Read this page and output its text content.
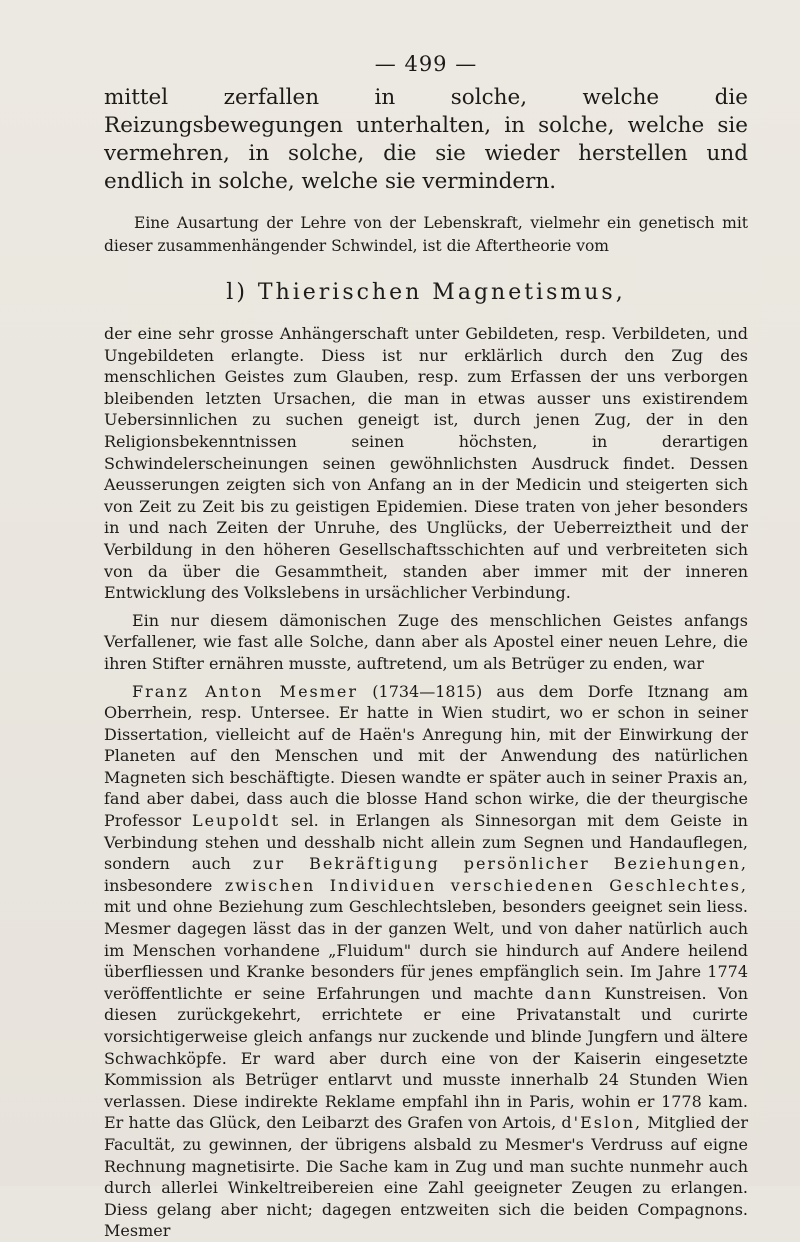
— 499 —

mittel zerfallen in solche, welche die Reizungsbewegungen unterhalten, in solche, welche sie vermehren, in solche, die sie wieder herstellen und endlich in solche, welche sie vermindern.

Eine Ausartung der Lehre von der Lebenskraft, vielmehr ein genetisch mit dieser zusammenhängender Schwindel, ist die Aftertheorie vom

l) Thierischen Magnetismus,

der eine sehr grosse Anhängerschaft unter Gebildeten, resp. Verbildeten, und Ungebildeten erlangte. Diess ist nur erklärlich durch den Zug des menschlichen Geistes zum Glauben, resp. zum Erfassen der uns verborgen bleibenden letzten Ursachen, die man in etwas ausser uns existirendem Uebersinnlichen zu suchen geneigt ist, durch jenen Zug, der in den Religionsbekenntnissen seinen höchsten, in derartigen Schwindelerscheinungen seinen gewöhnlichsten Ausdruck findet. Dessen Aeusserungen zeigten sich von Anfang an in der Medicin und steigerten sich von Zeit zu Zeit bis zu geistigen Epidemien. Diese traten von jeher besonders in und nach Zeiten der Unruhe, des Unglücks, der Ueberreiztheit und der Verbildung in den höheren Gesellschaftsschichten auf und verbreiteten sich von da über die Gesammtheit, standen aber immer mit der inneren Entwicklung des Volkslebens in ursächlicher Verbindung.

Ein nur diesem dämonischen Zuge des menschlichen Geistes anfangs Verfallener, wie fast alle Solche, dann aber als Apostel einer neuen Lehre, die ihren Stifter ernähren musste, auftretend, um als Betrüger zu enden, war

Franz Anton Mesmer (1734—1815) aus dem Dorfe Itznang am Oberrhein, resp. Untersee. Er hatte in Wien studirt, wo er schon in seiner Dissertation, vielleicht auf de Haën's Anregung hin, mit der Einwirkung der Planeten auf den Menschen und mit der Anwendung des natürlichen Magneten sich beschäftigte. Diesen wandte er später auch in seiner Praxis an, fand aber dabei, dass auch die blosse Hand schon wirke, die der theurgische Professor Leupoldt sel. in Erlangen als Sinnesorgan mit dem Geiste in Verbindung stehen und desshalb nicht allein zum Segnen und Handauflegen, sondern auch zur Bekräftigung persönlicher Beziehungen, insbesondere zwischen Individuen verschiedenen Geschlechtes, mit und ohne Beziehung zum Geschlechtsleben, besonders geeignet sein liess. Mesmer dagegen lässt das in der ganzen Welt, und von daher natürlich auch im Menschen vorhandene „Fluidum" durch sie hindurch auf Andere heilend überfliessen und Kranke besonders für jenes empfänglich sein. Im Jahre 1774 veröffentlichte er seine Erfahrungen und machte dann Kunstreisen. Von diesen zurückgekehrt, errichtete er eine Privatanstalt und curirte vorsichtigerweise gleich anfangs nur zuckende und blinde Jungfern und ältere Schwachköpfe. Er ward aber durch eine von der Kaiserin eingesetzte Kommission als Betrüger entlarvt und musste innerhalb 24 Stunden Wien verlassen. Diese indirekte Reklame empfahl ihn in Paris, wohin er 1778 kam. Er hatte das Glück, den Leibarzt des Grafen von Artois, d'Eslon, Mitglied der Facultät, zu gewinnen, der übrigens alsbald zu Mesmer's Verdruss auf eigne Rechnung magnetisirte. Die Sache kam in Zug und man suchte nunmehr auch durch allerlei Winkeltreibereien eine Zahl geeigneter Zeugen zu erlangen. Diess gelang aber nicht; dagegen entzweiten sich die beiden Compagnons. Mesmer
